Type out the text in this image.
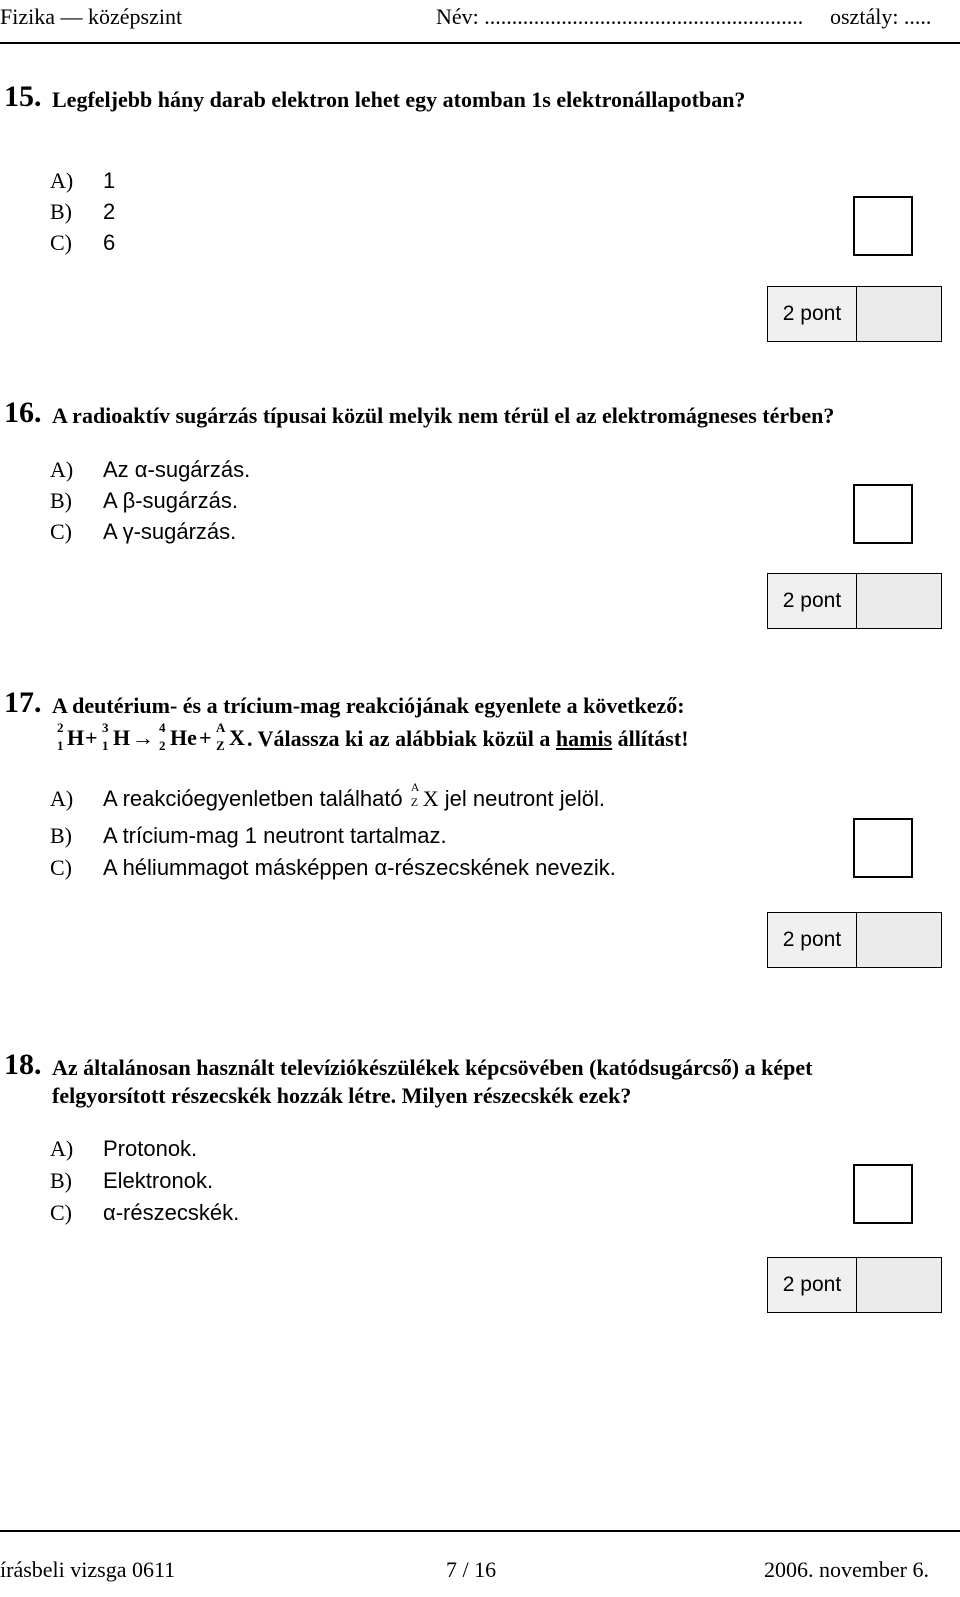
Fizika — középszint	Név: .......................................................... osztály: .....
15. Legfeljebb hány darab elektron lehet egy atomban 1s elektronállapotban?
A)	1
B)	2
C)	6
2 pont
16. A radioaktív sugárzás típusai közül melyik nem térül el az elektromágneses térben?
A)	Az α-sugárzás.
B)	A β-sugárzás.
C)	A γ-sugárzás.
2 pont
17. A deutérium- és a trícium-mag reakciójának egyenlete a következő:
2
1 H + 3
1 H → 4
2 He + A
Z X . Válassza ki az alábbiak közül a hamis állítást!
A)	A reakcióegyenletben található A
Z X jel neutront jelöl.
B)	A trícium-mag 1 neutront tartalmaz.
C)	A héliummagot másképpen α-részecskének nevezik.
2 pont
18. Az általánosan használt televíziókészülékek képcsövében (katódsugárcső) a képet
felgyorsított részecskék hozzák létre. Milyen részecskék ezek?
A)	Protonok.
B)	Elektronok.
C)	α-részecskék.
2 pont
írásbeli vizsga 0611	7 / 16	2006. november 6.
